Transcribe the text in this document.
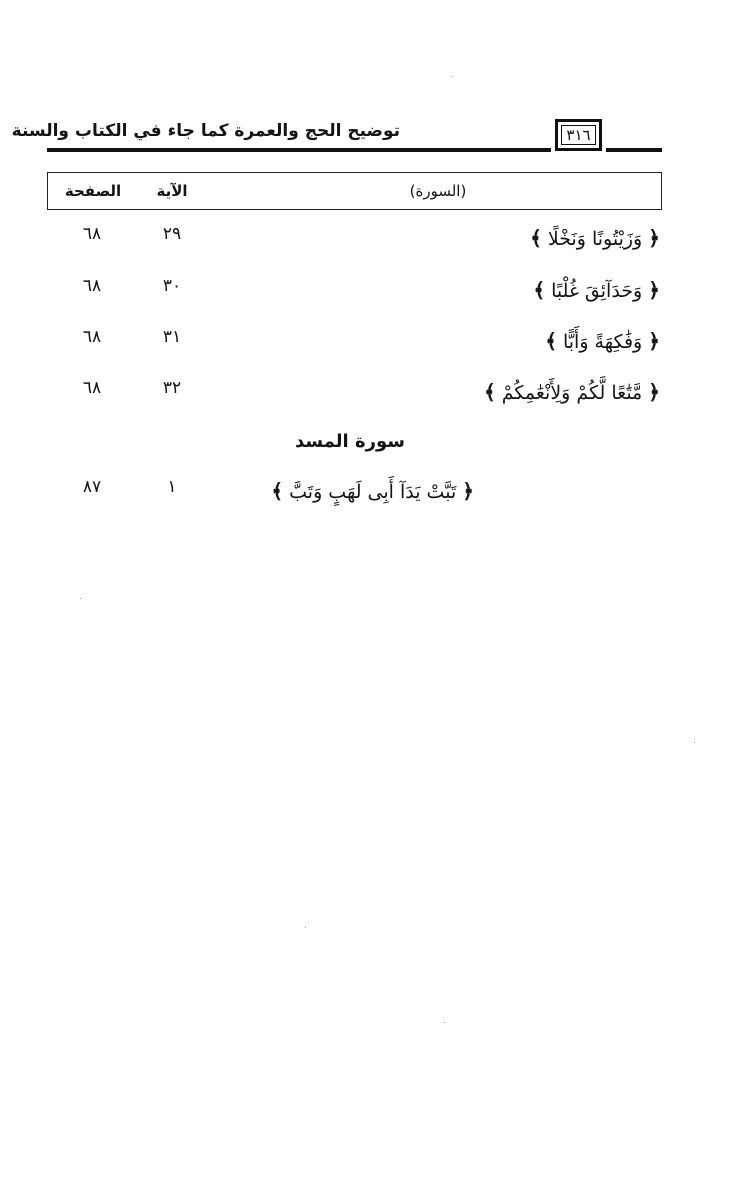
توضيح الحج والعمرة كما جاء في الكتاب والسنة	٣١٦
الصفحة	الآية	(السورة)
٦٨	٢٩	﴿ وَزَيْتُونًا وَنَخْلًا ﴾
٦٨	٣٠	﴿ وَحَدَآئِقَ غُلْبًا ﴾
٦٨	٣١	﴿ وَفَٰكِهَةً وَأَبًّا ﴾
٦٨	٣٢	﴿ مَّتَٰعًا لَّكُمْ وَلِأَنْعَٰمِكُمْ ﴾
سورة المسد
٨٧	١	﴿ تَبَّتْ يَدَآ أَبِى لَهَبٍ وَتَبَّ ﴾
